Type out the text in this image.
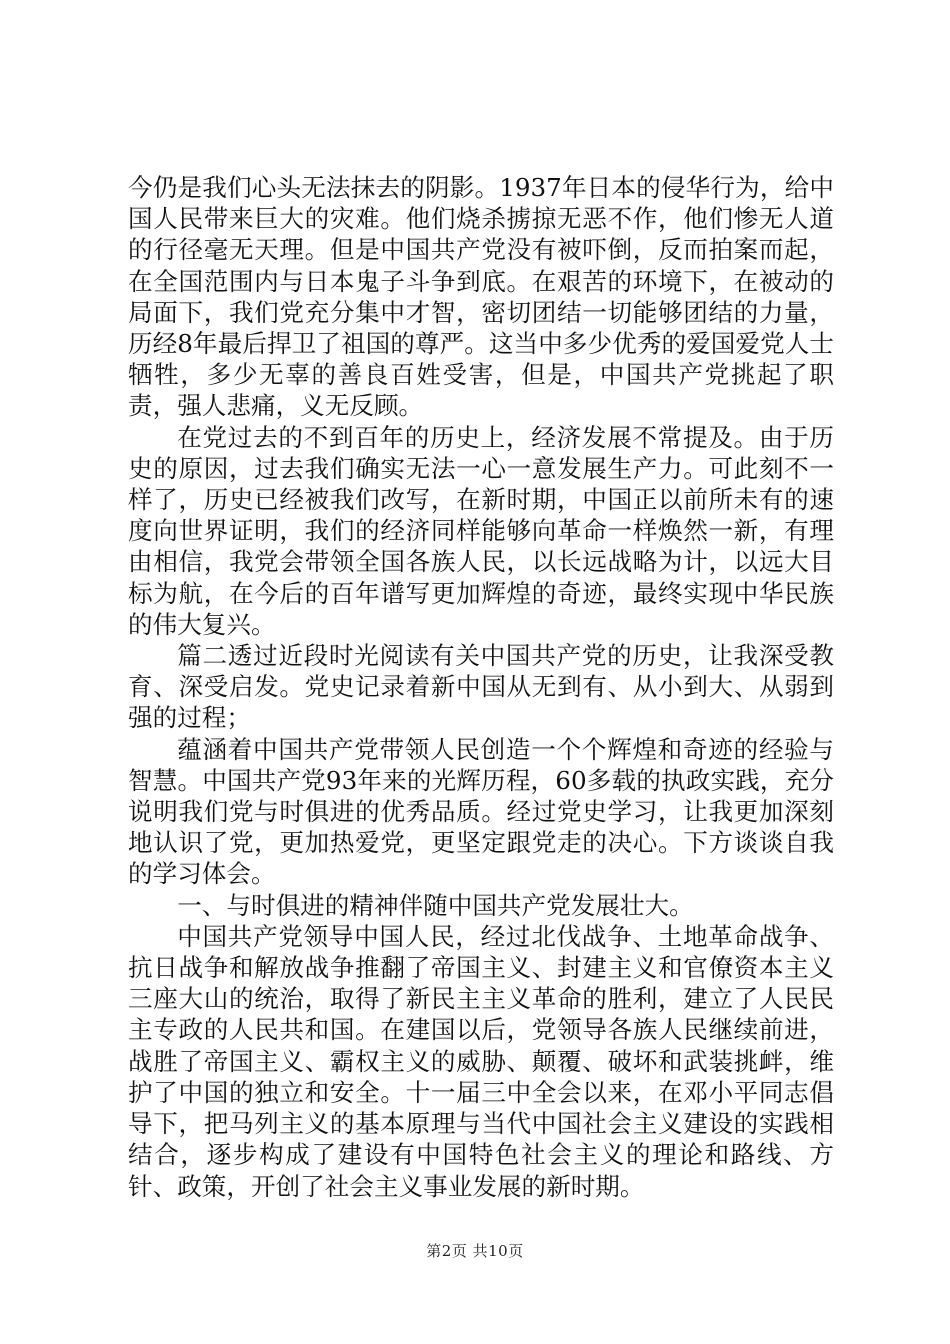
今仍是我们心头无法抹去的阴影。1937年日本的侵华行为，给中国人民带来巨大的灾难。他们烧杀掳掠无恶不作，他们惨无人道的行径毫无天理。但是中国共产党没有被吓倒，反而拍案而起，在全国范围内与日本鬼子斗争到底。在艰苦的环境下，在被动的局面下，我们党充分集中才智，密切团结一切能够团结的力量，历经8年最后捍卫了祖国的尊严。这当中多少优秀的爱国爱党人士牺牲，多少无辜的善良百姓受害，但是，中国共产党挑起了职责，强人悲痛，义无反顾。

在党过去的不到百年的历史上，经济发展不常提及。由于历史的原因，过去我们确实无法一心一意发展生产力。可此刻不一样了，历史已经被我们改写，在新时期，中国正以前所未有的速度向世界证明，我们的经济同样能够向革命一样焕然一新，有理由相信，我党会带领全国各族人民，以长远战略为计，以远大目标为航，在今后的百年谱写更加辉煌的奇迹，最终实现中华民族的伟大复兴。

篇二透过近段时光阅读有关中国共产党的历史，让我深受教育、深受启发。党史记录着新中国从无到有、从小到大、从弱到强的过程；

蕴涵着中国共产党带领人民创造一个个辉煌和奇迹的经验与智慧。中国共产党93年来的光辉历程，60多载的执政实践，充分说明我们党与时俱进的优秀品质。经过党史学习，让我更加深刻地认识了党，更加热爱党，更坚定跟党走的决心。下方谈谈自我的学习体会。

一、与时俱进的精神伴随中国共产党发展壮大。

中国共产党领导中国人民，经过北伐战争、土地革命战争、抗日战争和解放战争推翻了帝国主义、封建主义和官僚资本主义三座大山的统治，取得了新民主主义革命的胜利，建立了人民民主专政的人民共和国。在建国以后，党领导各族人民继续前进，战胜了帝国主义、霸权主义的威胁、颠覆、破坏和武装挑衅，维护了中国的独立和安全。十一届三中全会以来，在邓小平同志倡导下，把马列主义的基本原理与当代中国社会主义建设的实践相结合，逐步构成了建设有中国特色社会主义的理论和路线、方针、政策，开创了社会主义事业发展的新时期。

第2页 共10页
